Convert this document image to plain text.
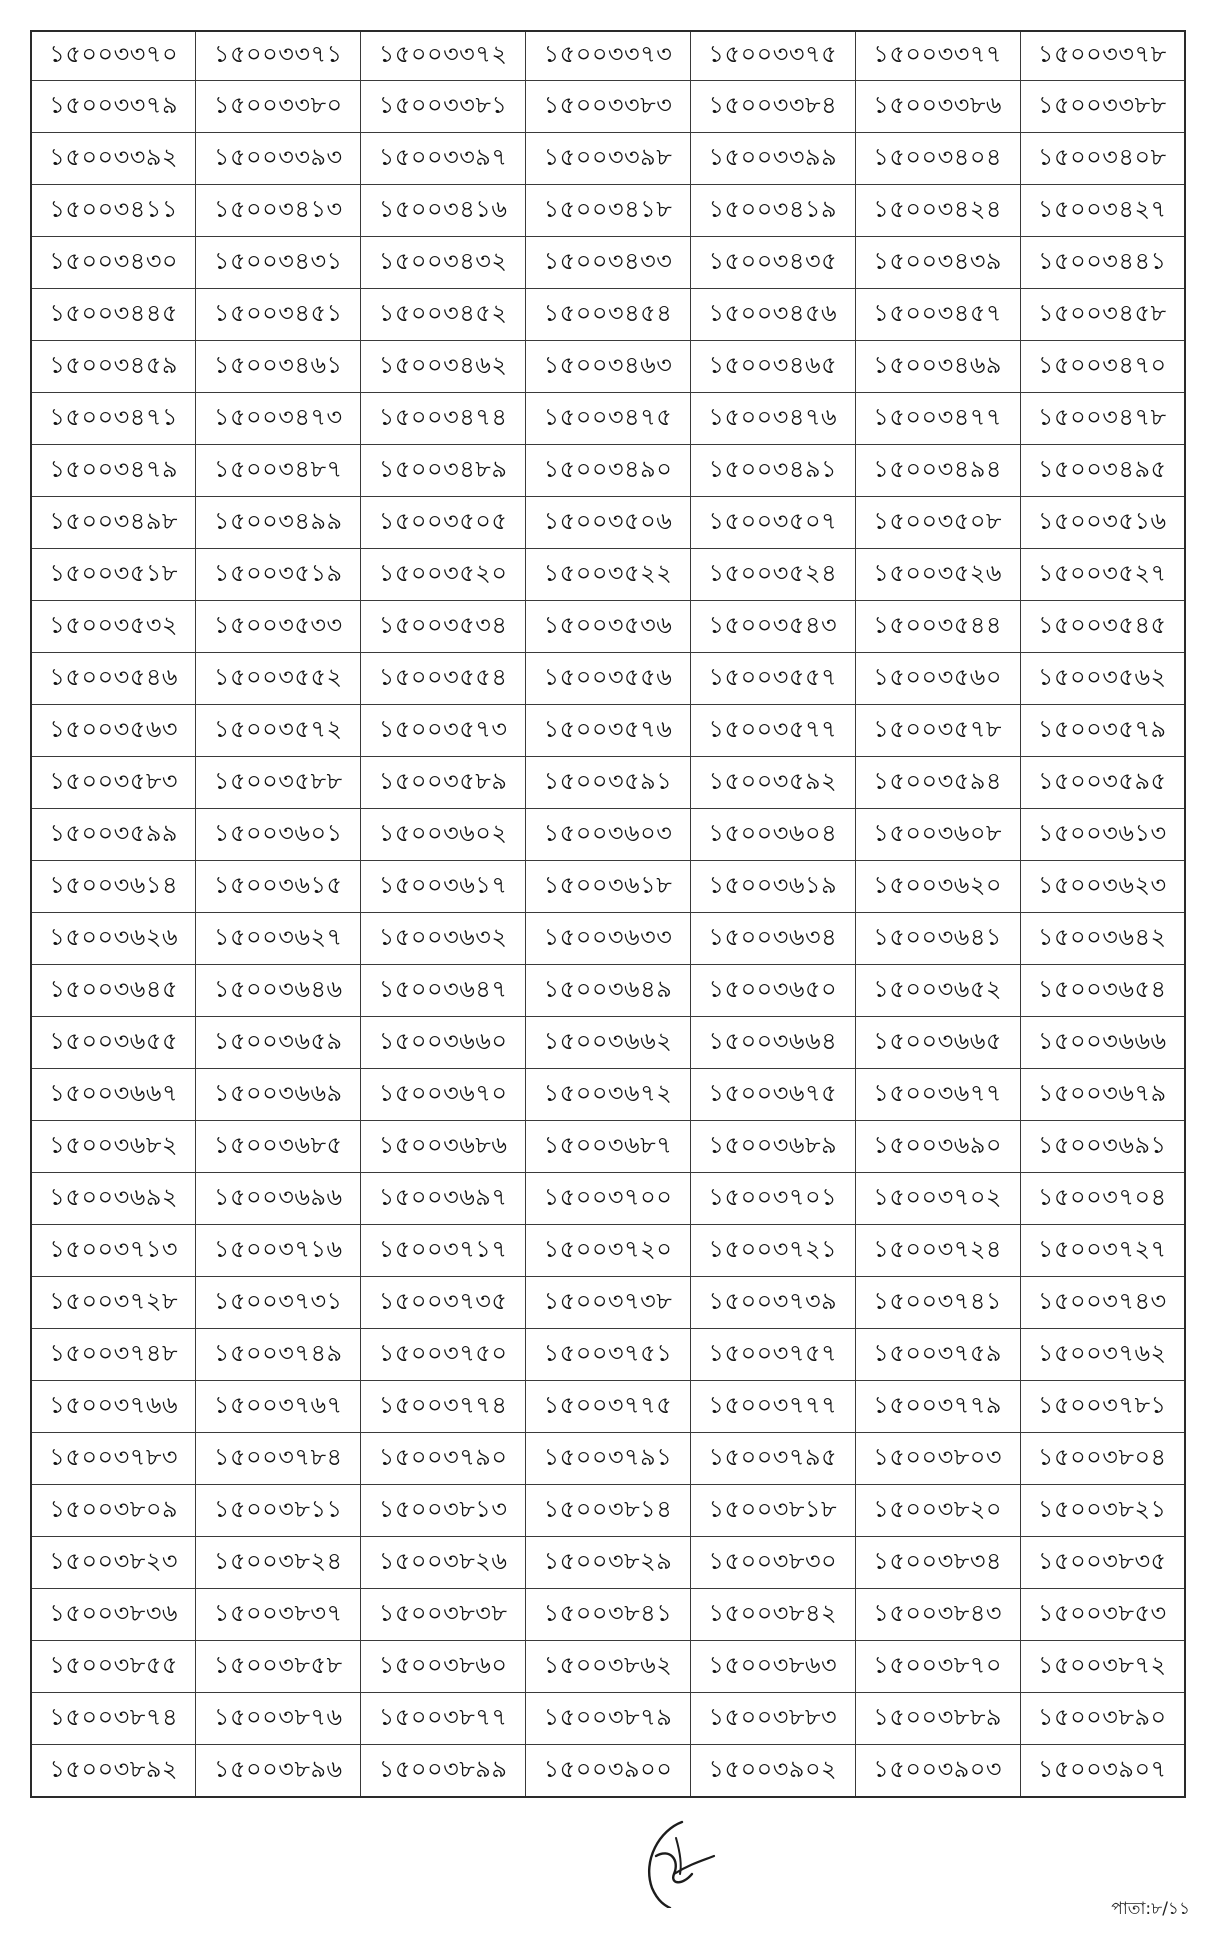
১৫০০৩৩৭০	১৫০০৩৩৭১	১৫০০৩৩৭২	১৫০০৩৩৭৩	১৫০০৩৩৭৫	১৫০০৩৩৭৭	১৫০০৩৩৭৮
১৫০০৩৩৭৯	১৫০০৩৩৮০	১৫০০৩৩৮১	১৫০০৩৩৮৩	১৫০০৩৩৮৪	১৫০০৩৩৮৬	১৫০০৩৩৮৮
১৫০০৩৩৯২	১৫০০৩৩৯৩	১৫০০৩৩৯৭	১৫০০৩৩৯৮	১৫০০৩৩৯৯	১৫০০৩৪০৪	১৫০০৩৪০৮
১৫০০৩৪১১	১৫০০৩৪১৩	১৫০০৩৪১৬	১৫০০৩৪১৮	১৫০০৩৪১৯	১৫০০৩৪২৪	১৫০০৩৪২৭
১৫০০৩৪৩০	১৫০০৩৪৩১	১৫০০৩৪৩২	১৫০০৩৪৩৩	১৫০০৩৪৩৫	১৫০০৩৪৩৯	১৫০০৩৪৪১
১৫০০৩৪৪৫	১৫০০৩৪৫১	১৫০০৩৪৫২	১৫০০৩৪৫৪	১৫০০৩৪৫৬	১৫০০৩৪৫৭	১৫০০৩৪৫৮
১৫০০৩৪৫৯	১৫০০৩৪৬১	১৫০০৩৪৬২	১৫০০৩৪৬৩	১৫০০৩৪৬৫	১৫০০৩৪৬৯	১৫০০৩৪৭০
১৫০০৩৪৭১	১৫০০৩৪৭৩	১৫০০৩৪৭৪	১৫০০৩৪৭৫	১৫০০৩৪৭৬	১৫০০৩৪৭৭	১৫০০৩৪৭৮
১৫০০৩৪৭৯	১৫০০৩৪৮৭	১৫০০৩৪৮৯	১৫০০৩৪৯০	১৫০০৩৪৯১	১৫০০৩৪৯৪	১৫০০৩৪৯৫
১৫০০৩৪৯৮	১৫০০৩৪৯৯	১৫০০৩৫০৫	১৫০০৩৫০৬	১৫০০৩৫০৭	১৫০০৩৫০৮	১৫০০৩৫১৬
১৫০০৩৫১৮	১৫০০৩৫১৯	১৫০০৩৫২০	১৫০০৩৫২২	১৫০০৩৫২৪	১৫০০৩৫২৬	১৫০০৩৫২৭
১৫০০৩৫৩২	১৫০০৩৫৩৩	১৫০০৩৫৩৪	১৫০০৩৫৩৬	১৫০০৩৫৪৩	১৫০০৩৫৪৪	১৫০০৩৫৪৫
১৫০০৩৫৪৬	১৫০০৩৫৫২	১৫০০৩৫৫৪	১৫০০৩৫৫৬	১৫০০৩৫৫৭	১৫০০৩৫৬০	১৫০০৩৫৬২
১৫০০৩৫৬৩	১৫০০৩৫৭২	১৫০০৩৫৭৩	১৫০০৩৫৭৬	১৫০০৩৫৭৭	১৫০০৩৫৭৮	১৫০০৩৫৭৯
১৫০০৩৫৮৩	১৫০০৩৫৮৮	১৫০০৩৫৮৯	১৫০০৩৫৯১	১৫০০৩৫৯২	১৫০০৩৫৯৪	১৫০০৩৫৯৫
১৫০০৩৫৯৯	১৫০০৩৬০১	১৫০০৩৬০২	১৫০০৩৬০৩	১৫০০৩৬০৪	১৫০০৩৬০৮	১৫০০৩৬১৩
১৫০০৩৬১৪	১৫০০৩৬১৫	১৫০০৩৬১৭	১৫০০৩৬১৮	১৫০০৩৬১৯	১৫০০৩৬২০	১৫০০৩৬২৩
১৫০০৩৬২৬	১৫০০৩৬২৭	১৫০০৩৬৩২	১৫০০৩৬৩৩	১৫০০৩৬৩৪	১৫০০৩৬৪১	১৫০০৩৬৪২
১৫০০৩৬৪৫	১৫০০৩৬৪৬	১৫০০৩৬৪৭	১৫০০৩৬৪৯	১৫০০৩৬৫০	১৫০০৩৬৫২	১৫০০৩৬৫৪
১৫০০৩৬৫৫	১৫০০৩৬৫৯	১৫০০৩৬৬০	১৫০০৩৬৬২	১৫০০৩৬৬৪	১৫০০৩৬৬৫	১৫০০৩৬৬৬
১৫০০৩৬৬৭	১৫০০৩৬৬৯	১৫০০৩৬৭০	১৫০০৩৬৭২	১৫০০৩৬৭৫	১৫০০৩৬৭৭	১৫০০৩৬৭৯
১৫০০৩৬৮২	১৫০০৩৬৮৫	১৫০০৩৬৮৬	১৫০০৩৬৮৭	১৫০০৩৬৮৯	১৫০০৩৬৯০	১৫০০৩৬৯১
১৫০০৩৬৯২	১৫০০৩৬৯৬	১৫০০৩৬৯৭	১৫০০৩৭০০	১৫০০৩৭০১	১৫০০৩৭০২	১৫০০৩৭০৪
১৫০০৩৭১৩	১৫০০৩৭১৬	১৫০০৩৭১৭	১৫০০৩৭২০	১৫০০৩৭২১	১৫০০৩৭২৪	১৫০০৩৭২৭
১৫০০৩৭২৮	১৫০০৩৭৩১	১৫০০৩৭৩৫	১৫০০৩৭৩৮	১৫০০৩৭৩৯	১৫০০৩৭৪১	১৫০০৩৭৪৩
১৫০০৩৭৪৮	১৫০০৩৭৪৯	১৫০০৩৭৫০	১৫০০৩৭৫১	১৫০০৩৭৫৭	১৫০০৩৭৫৯	১৫০০৩৭৬২
১৫০০৩৭৬৬	১৫০০৩৭৬৭	১৫০০৩৭৭৪	১৫০০৩৭৭৫	১৫০০৩৭৭৭	১৫০০৩৭৭৯	১৫০০৩৭৮১
১৫০০৩৭৮৩	১৫০০৩৭৮৪	১৫০০৩৭৯০	১৫০০৩৭৯১	১৫০০৩৭৯৫	১৫০০৩৮০৩	১৫০০৩৮০৪
১৫০০৩৮০৯	১৫০০৩৮১১	১৫০০৩৮১৩	১৫০০৩৮১৪	১৫০০৩৮১৮	১৫০০৩৮২০	১৫০০৩৮২১
১৫০০৩৮২৩	১৫০০৩৮২৪	১৫০০৩৮২৬	১৫০০৩৮২৯	১৫০০৩৮৩০	১৫০০৩৮৩৪	১৫০০৩৮৩৫
১৫০০৩৮৩৬	১৫০০৩৮৩৭	১৫০০৩৮৩৮	১৫০০৩৮৪১	১৫০০৩৮৪২	১৫০০৩৮৪৩	১৫০০৩৮৫৩
১৫০০৩৮৫৫	১৫০০৩৮৫৮	১৫০০৩৮৬০	১৫০০৩৮৬২	১৫০০৩৮৬৩	১৫০০৩৮৭০	১৫০০৩৮৭২
১৫০০৩৮৭৪	১৫০০৩৮৭৬	১৫০০৩৮৭৭	১৫০০৩৮৭৯	১৫০০৩৮৮৩	১৫০০৩৮৮৯	১৫০০৩৮৯০
১৫০০৩৮৯২	১৫০০৩৮৯৬	১৫০০৩৮৯৯	১৫০০৩৯০০	১৫০০৩৯০২	১৫০০৩৯০৩	১৫০০৩৯০৭
পাতা:৮/১১
